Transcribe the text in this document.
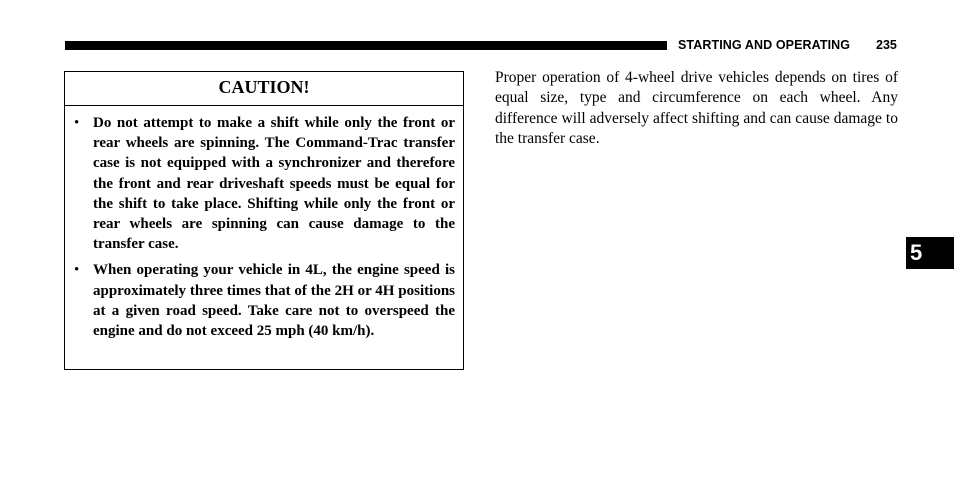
STARTING AND OPERATING 235
CAUTION!
• Do not attempt to make a shift while only the front or rear wheels are spinning. The Command-Trac transfer case is not equipped with a synchronizer and therefore the front and rear driveshaft speeds must be equal for the shift to take place. Shifting while only the front or rear wheels are spinning can cause damage to the transfer case.
• When operating your vehicle in 4L, the engine speed is approximately three times that of the 2H or 4H positions at a given road speed. Take care not to overspeed the engine and do not exceed 25 mph (40 km/h).

Proper operation of 4-wheel drive vehicles depends on tires of equal size, type and circumference on each wheel. Any difference will adversely affect shifting and can cause damage to the transfer case.

5
